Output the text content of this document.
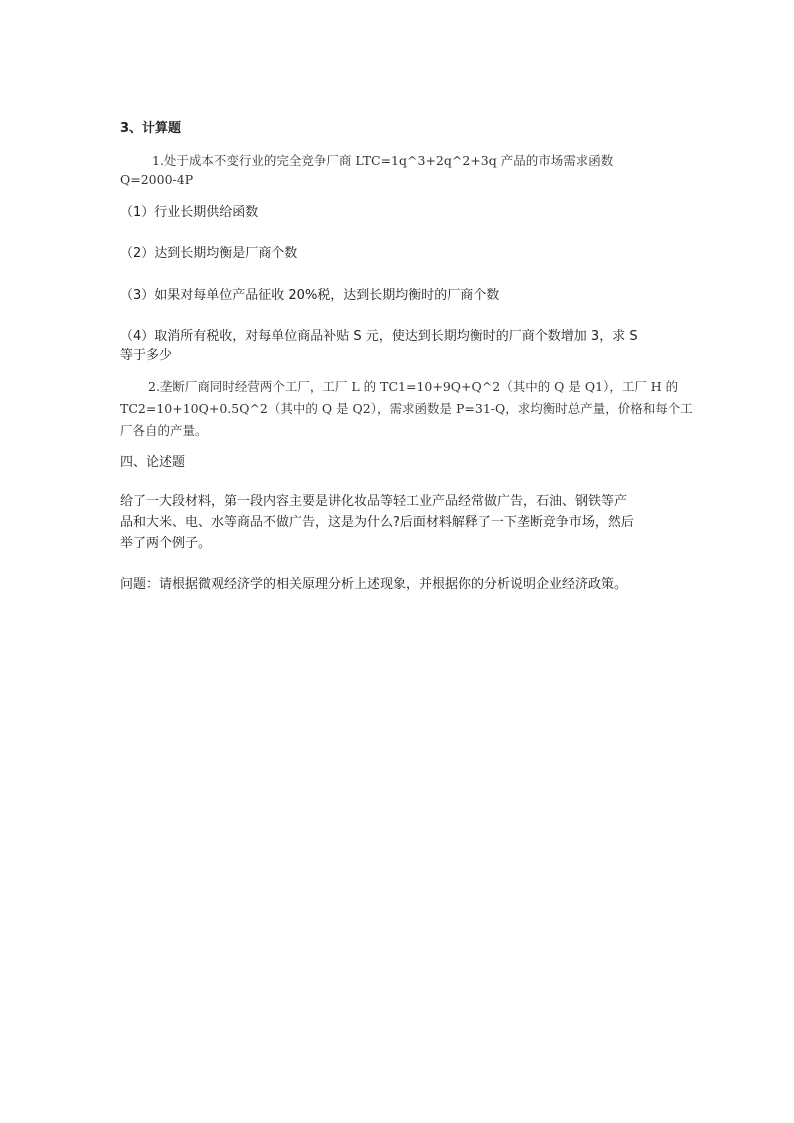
3、计算题
1.处于成本不变行业的完全竞争厂商 LTC=1q^3+2q^2+3q 产品的市场需求函数
Q=2000-4P
（1）行业长期供给函数
（2）达到长期均衡是厂商个数
（3）如果对每单位产品征收 20%税，达到长期均衡时的厂商个数
（4）取消所有税收，对每单位商品补贴 S 元，使达到长期均衡时的厂商个数增加 3，求 S
等于多少
2.垄断厂商同时经营两个工厂，工厂 L 的 TC1=10+9Q+Q^2（其中的 Q 是 Q1），工厂 H 的
TC2=10+10Q+0.5Q^2（其中的 Q 是 Q2），需求函数是 P=31-Q，求均衡时总产量，价格和每个工
厂各自的产量。
四、论述题
给了一大段材料，第一段内容主要是讲化妆品等轻工业产品经常做广告，石油、钢铁等产
品和大米、电、水等商品不做广告，这是为什么?后面材料解释了一下垄断竞争市场，然后
举了两个例子。
问题：请根据微观经济学的相关原理分析上述现象，并根据你的分析说明企业经济政策。
